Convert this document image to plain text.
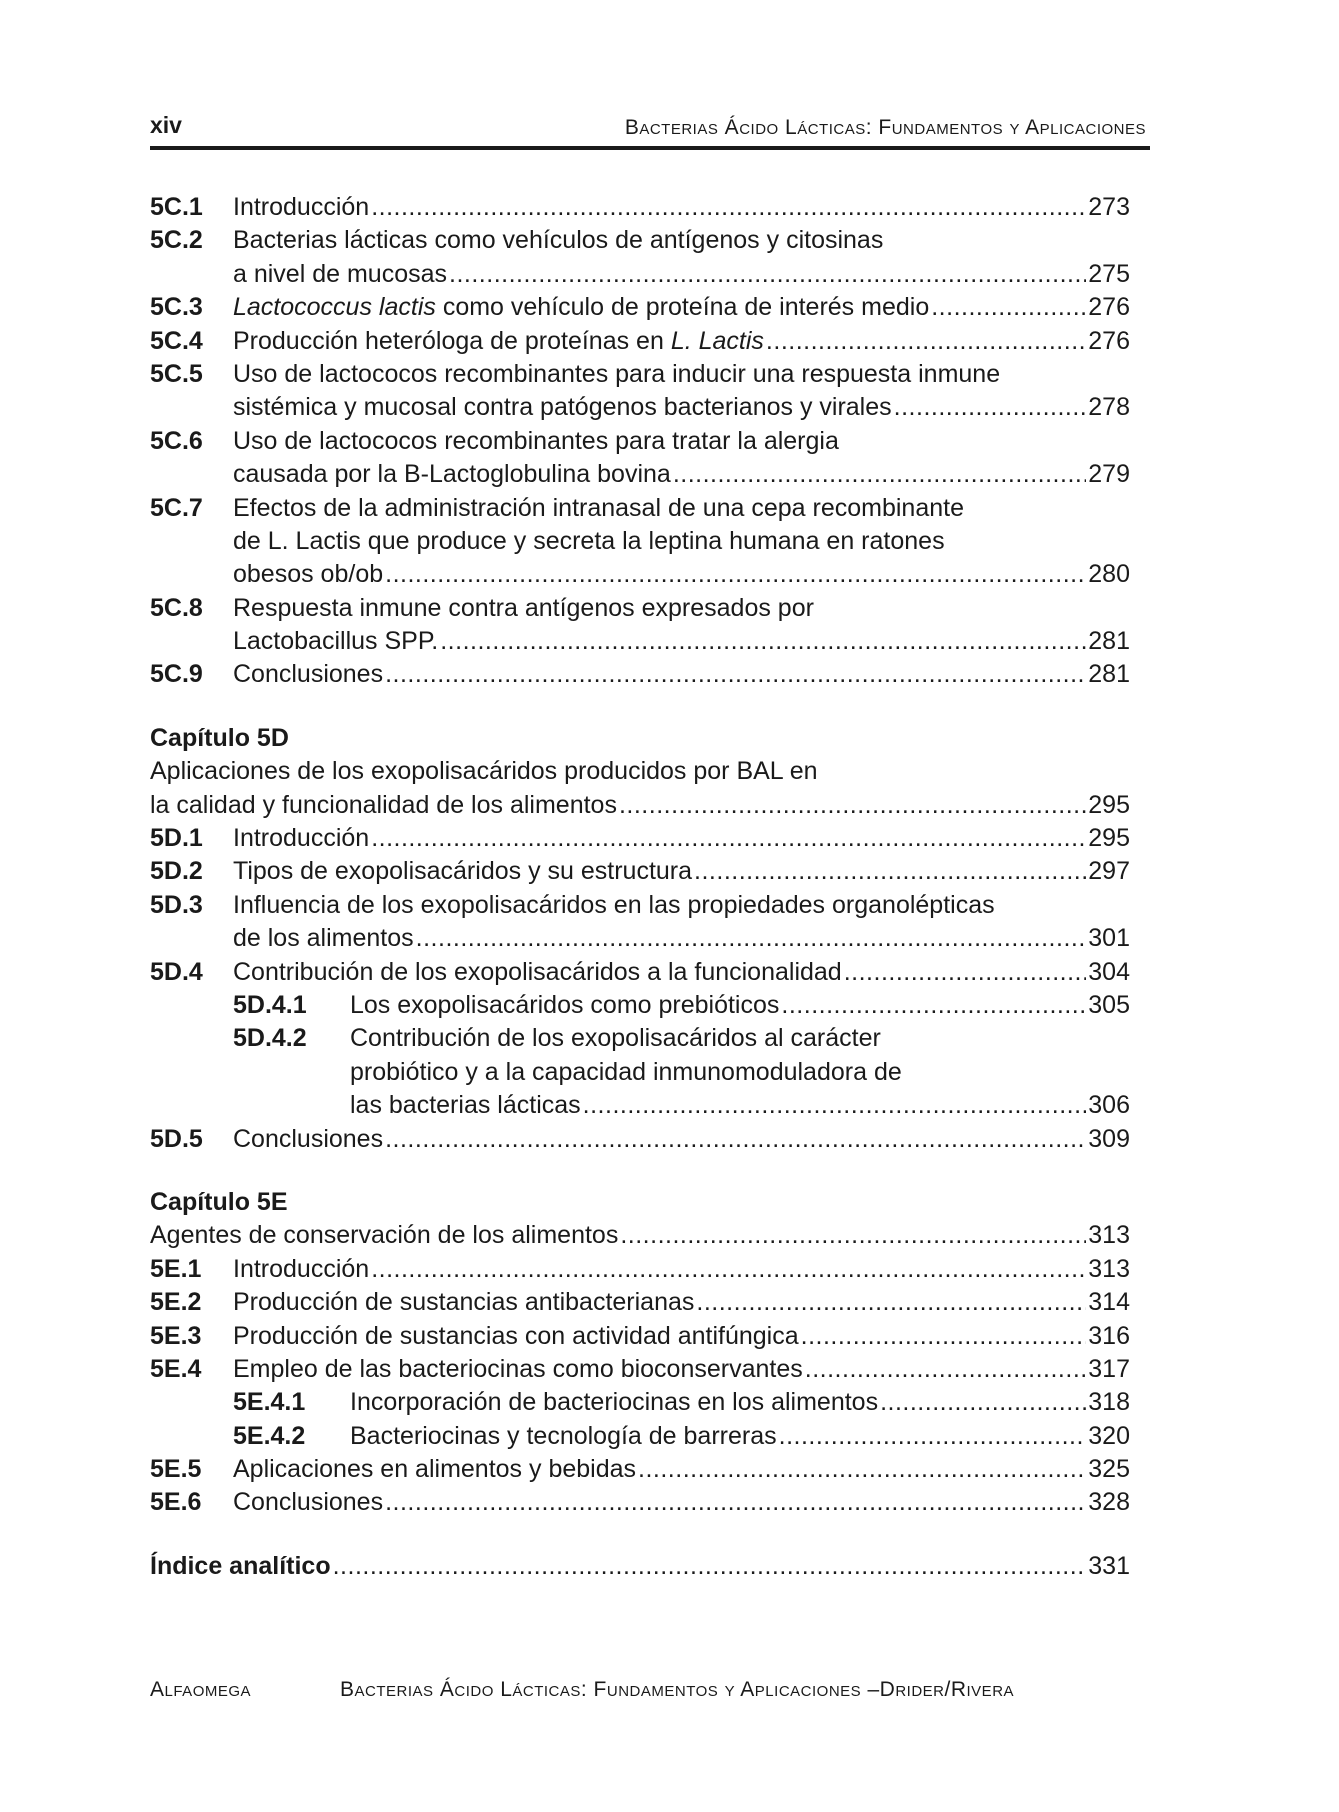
xiv	Bacterias Ácido Lácticas: Fundamentos y Aplicaciones
5C.1 Introducción .....	273
5C.2 Bacterias lácticas como vehículos de antígenos y citosinas
a nivel de mucosas .....	275
5C.3 Lactococcus lactis como vehículo de proteína de interés medio .....	276
5C.4 Producción heteróloga de proteínas en L. Lactis .....	276
5C.5 Uso de lactococos recombinantes para inducir una respuesta inmune
sistémica y mucosal contra patógenos bacterianos y virales .....	278
5C.6 Uso de lactococos recombinantes para tratar la alergia
causada por la B-Lactoglobulina bovina .....	279
5C.7 Efectos de la administración intranasal de una cepa recombinante
de L. Lactis que produce y secreta la leptina humana en ratones
obesos ob/ob .....	280
5C.8 Respuesta inmune contra antígenos expresados por
Lactobacillus SPP. .....	281
5C.9 Conclusiones .....	281
Capítulo 5D
Aplicaciones de los exopolisacáridos producidos por BAL en
la calidad y funcionalidad de los alimentos .....	295
5D.1 Introducción .....	295
5D.2 Tipos de exopolisacáridos y su estructura .....	297
5D.3 Influencia de los exopolisacáridos en las propiedades organolépticas
de los alimentos .....	301
5D.4 Contribución de los exopolisacáridos a la funcionalidad .....	304
5D.4.1 Los exopolisacáridos como prebióticos .....	305
5D.4.2 Contribución de los exopolisacáridos al carácter
probiótico y a la capacidad inmunomoduladora de
las bacterias lácticas .....	306
5D.5 Conclusiones .....	309
Capítulo 5E
Agentes de conservación de los alimentos .....	313
5E.1 Introducción .....	313
5E.2 Producción de sustancias antibacterianas .....	314
5E.3 Producción de sustancias con actividad antifúngica .....	316
5E.4 Empleo de las bacteriocinas como bioconservantes .....	317
5E.4.1 Incorporación de bacteriocinas en los alimentos .....	318
5E.4.2 Bacteriocinas y tecnología de barreras .....	320
5E.5 Aplicaciones en alimentos y bebidas .....	325
5E.6 Conclusiones .....	328
Índice analítico .....	331
Alfaomega	Bacterias Ácido Lácticas: Fundamentos y Aplicaciones –Drider/Rivera
